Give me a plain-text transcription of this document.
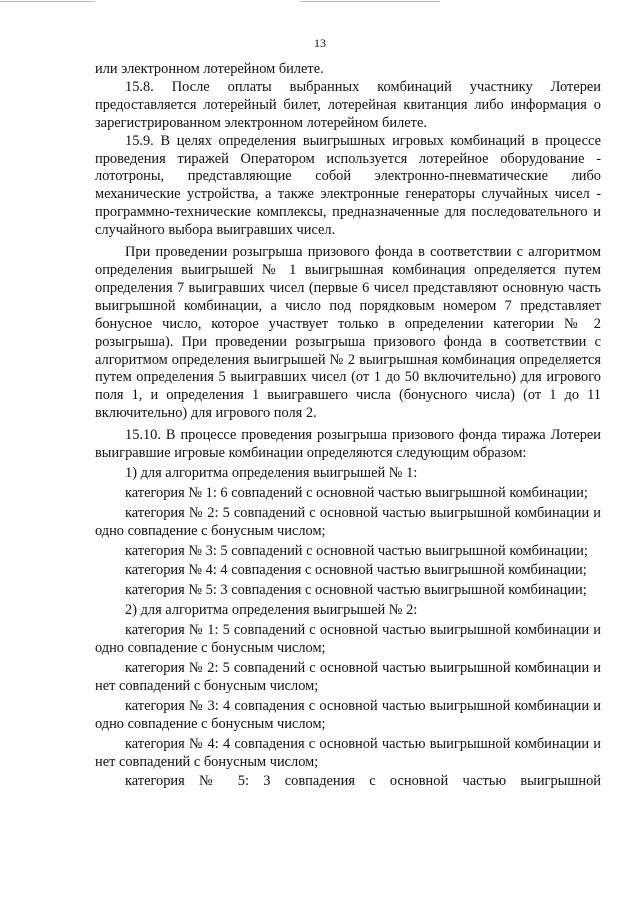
13

или электронном лотерейном билете.

15.8. После оплаты выбранных комбинаций участнику Лотереи предоставляется лотерейный билет, лотерейная квитанция либо информация о зарегистрированном электронном лотерейном билете.

15.9. В целях определения выигрышных игровых комбинаций в процессе проведения тиражей Оператором используется лотерейное оборудование - лототроны, представляющие собой электронно-пневматические либо механические устройства, а также электронные генераторы случайных чисел - программно-технические комплексы, предназначенные для последовательного и случайного выбора выигравших чисел.

При проведении розыгрыша призового фонда в соответствии с алгоритмом определения выигрышей № 1 выигрышная комбинация определяется путем определения 7 выигравших чисел (первые 6 чисел представляют основную часть выигрышной комбинации, а число под порядковым номером 7 представляет бонусное число, которое участвует только в определении категории № 2 розыгрыша). При проведении розыгрыша призового фонда в соответствии с алгоритмом определения выигрышей № 2 выигрышная комбинация определяется путем определения 5 выигравших чисел (от 1 до 50 включительно) для игрового поля 1, и определения 1 выигравшего числа (бонусного числа) (от 1 до 11 включительно) для игрового поля 2.

15.10. В процессе проведения розыгрыша призового фонда тиража Лотереи выигравшие игровые комбинации определяются следующим образом:

1) для алгоритма определения выигрышей № 1:

категория № 1: 6 совпадений с основной частью выигрышной комбинации;

категория № 2: 5 совпадений с основной частью выигрышной комбинации и одно совпадение с бонусным числом;

категория № 3: 5 совпадений с основной частью выигрышной комбинации;

категория № 4: 4 совпадения с основной частью выигрышной комбинации;

категория № 5: 3 совпадения с основной частью выигрышной комбинации;

2) для алгоритма определения выигрышей № 2:

категория № 1: 5 совпадений с основной частью выигрышной комбинации и одно совпадение с бонусным числом;

категория № 2: 5 совпадений с основной частью выигрышной комбинации и нет совпадений с бонусным числом;

категория № 3: 4 совпадения с основной частью выигрышной комбинации и одно совпадение с бонусным числом;

категория № 4: 4 совпадения с основной частью выигрышной комбинации и нет совпадений с бонусным числом;

категория № 5: 3 совпадения с основной частью выигрышной
